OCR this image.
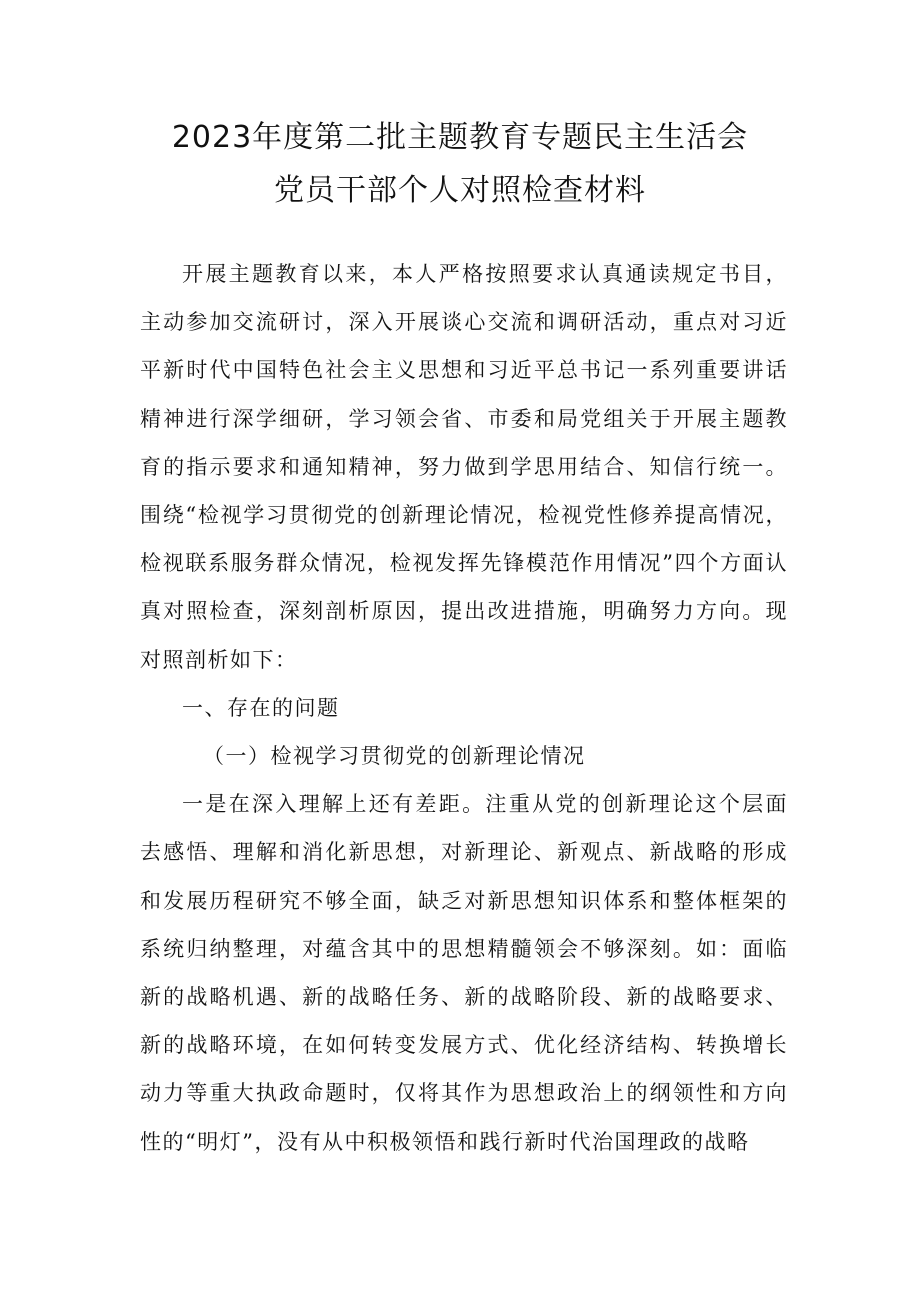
2023年度第二批主题教育专题民主生活会
党员干部个人对照检查材料

开展主题教育以来，本人严格按照要求认真通读规定书目，主动参加交流研讨，深入开展谈心交流和调研活动，重点对习近平新时代中国特色社会主义思想和习近平总书记一系列重要讲话精神进行深学细研，学习领会省、市委和局党组关于开展主题教育的指示要求和通知精神，努力做到学思用结合、知信行统一。围绕“检视学习贯彻党的创新理论情况，检视党性修养提高情况，检视联系服务群众情况，检视发挥先锋模范作用情况”四个方面认真对照检查，深刻剖析原因，提出改进措施，明确努力方向。现对照剖析如下：

一、存在的问题

（一）检视学习贯彻党的创新理论情况

一是在深入理解上还有差距。注重从党的创新理论这个层面去感悟、理解和消化新思想，对新理论、新观点、新战略的形成和发展历程研究不够全面，缺乏对新思想知识体系和整体框架的系统归纳整理，对蕴含其中的思想精髓领会不够深刻。如：面临新的战略机遇、新的战略任务、新的战略阶段、新的战略要求、新的战略环境，在如何转变发展方式、优化经济结构、转换增长动力等重大执政命题时，仅将其作为思想政治上的纲领性和方向性的“明灯”，没有从中积极领悟和践行新时代治国理政的战略
